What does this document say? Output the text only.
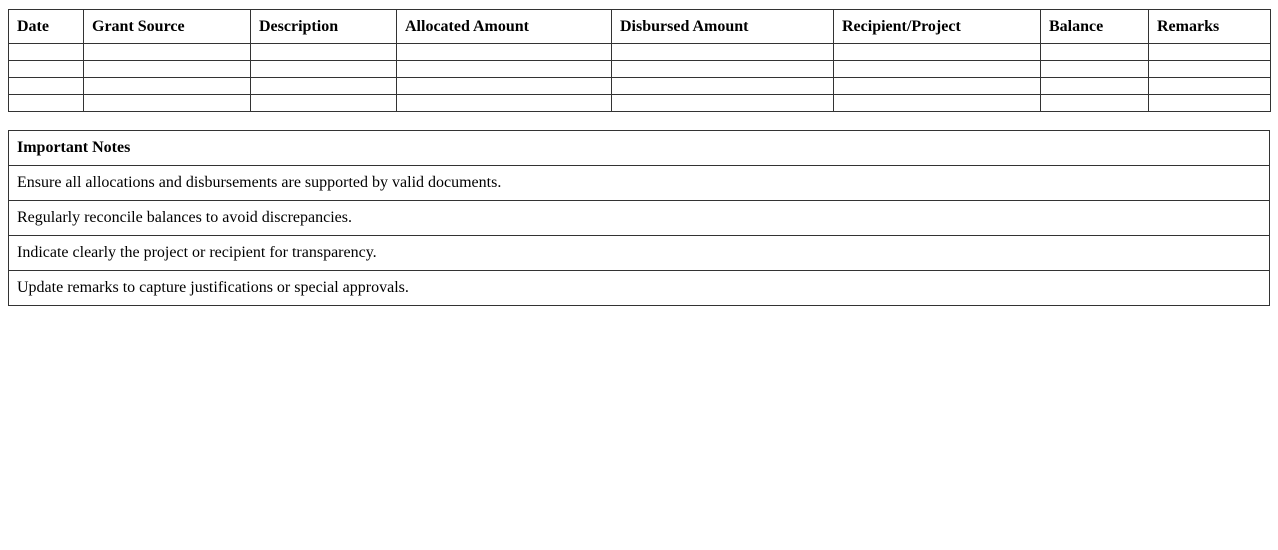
Date	Grant Source	Description	Allocated Amount	Disbursed Amount	Recipient/Project	Balance	Remarks

Important Notes
Ensure all allocations and disbursements are supported by valid documents.
Regularly reconcile balances to avoid discrepancies.
Indicate clearly the project or recipient for transparency.
Update remarks to capture justifications or special approvals.
